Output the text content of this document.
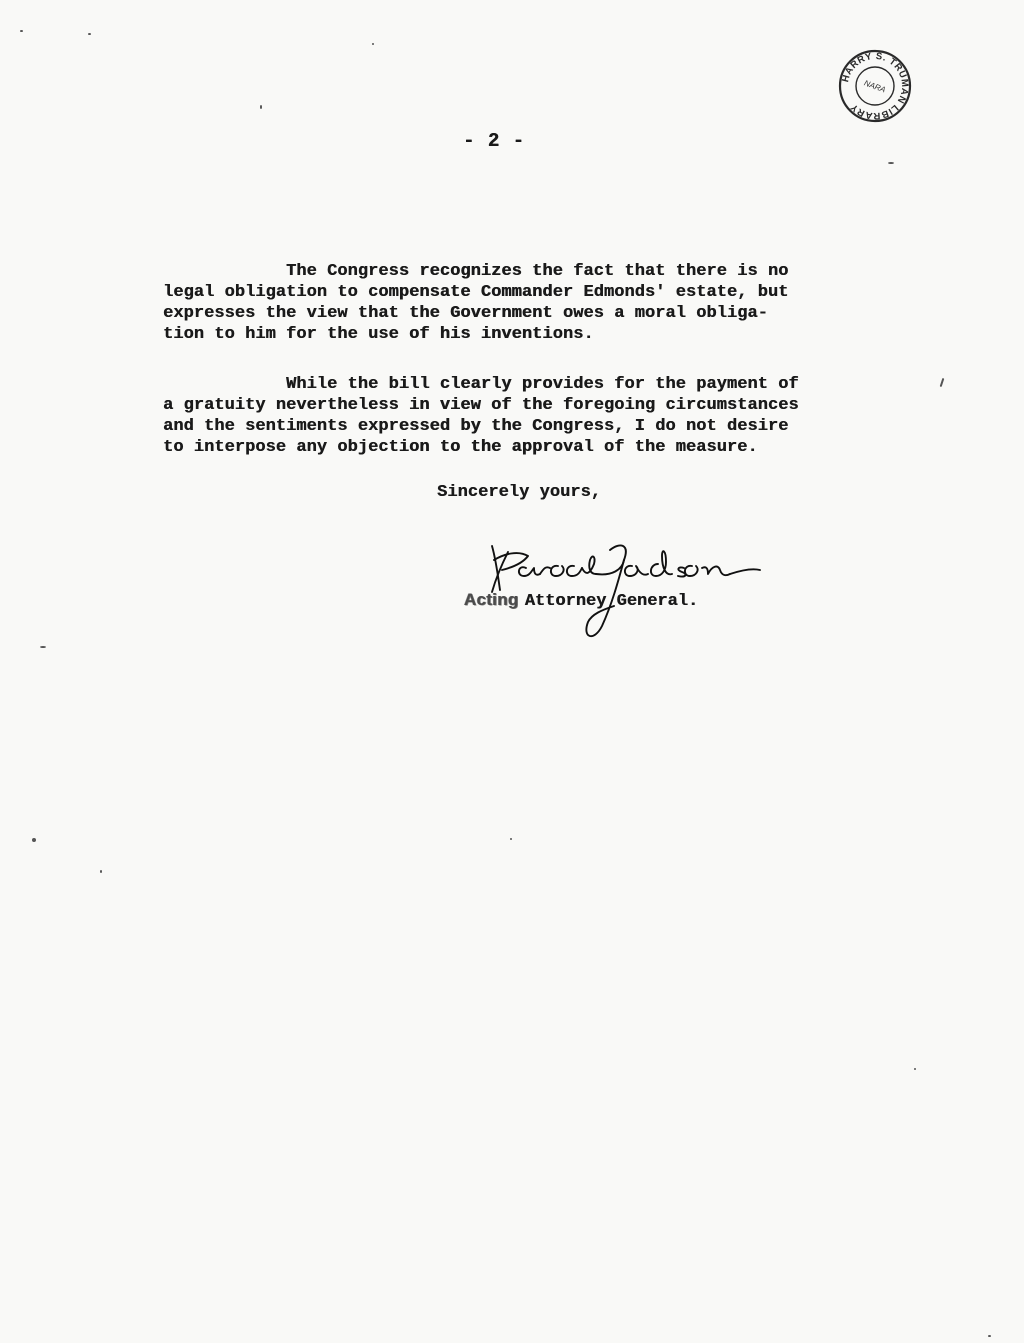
HARRY S. TRUMAN LIBRARY
NARA
- 2 -
The Congress recognizes the fact that there is no
legal obligation to compensate Commander Edmonds' estate, but
expresses the view that the Government owes a moral obliga-
tion to him for the use of his inventions.
While the bill clearly provides for the payment of
a gratuity nevertheless in view of the foregoing circumstances
and the sentiments expressed by the Congress, I do not desire
to interpose any objection to the approval of the measure.
Sincerely yours,
Acting Attorney General.
